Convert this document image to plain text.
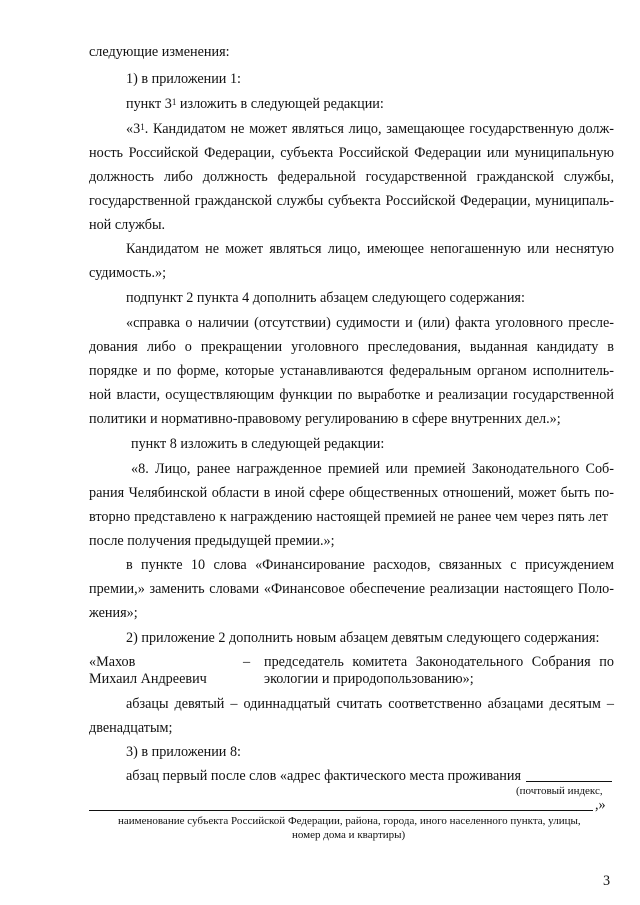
следующие изменения:
1) в приложении 1:
пункт $3^1$ изложить в следующей редакции:
«$3^1$. Кандидатом не может являться лицо, замещающее государственную долж-
ность Российской Федерации, субъекта Российской Федерации или муниципальную
должность либо должность федеральной государственной гражданской службы,
государственной гражданской службы субъекта Российской Федерации, муниципаль-
ной службы.
Кандидатом не может являться лицо, имеющее непогашенную или неснятую
судимость.»;
подпункт 2 пункта 4 дополнить абзацем следующего содержания:
«справка о наличии (отсутствии) судимости и (или) факта уголовного пресле-
дования либо о прекращении уголовного преследования, выданная кандидату в
порядке и по форме, которые устанавливаются федеральным органом исполнитель-
ной власти, осуществляющим функции по выработке и реализации государственной
политики и нормативно-правовому регулированию в сфере внутренних дел.»;
пункт 8 изложить в следующей редакции:
«8. Лицо, ранее награжденное премией или премией Законодательного Соб-
рания Челябинской области в иной сфере общественных отношений, может быть по-
вторно представлено к награждению настоящей премией не ранее чем через пять лет
после получения предыдущей премии.»;
в пункте 10 слова «Финансирование расходов, связанных с присуждением
премии,» заменить словами «Финансовое обеспечение реализации настоящего Поло-
жения»;
2) приложение 2 дополнить новым абзацем девятым следующего содержания:
«Махов
Михаил Андреевич
– председатель комитета Законодательного Собрания по
экологии и природопользованию»;
абзацы девятый – одиннадцатый считать соответственно абзацами десятым –
двенадцатым;
3) в приложении 8:
абзац первый после слов «адрес фактического места проживания
(почтовый индекс,
,»
наименование субъекта Российской Федерации, района, города, иного населенного пункта, улицы,
номер дома и квартиры)
3
